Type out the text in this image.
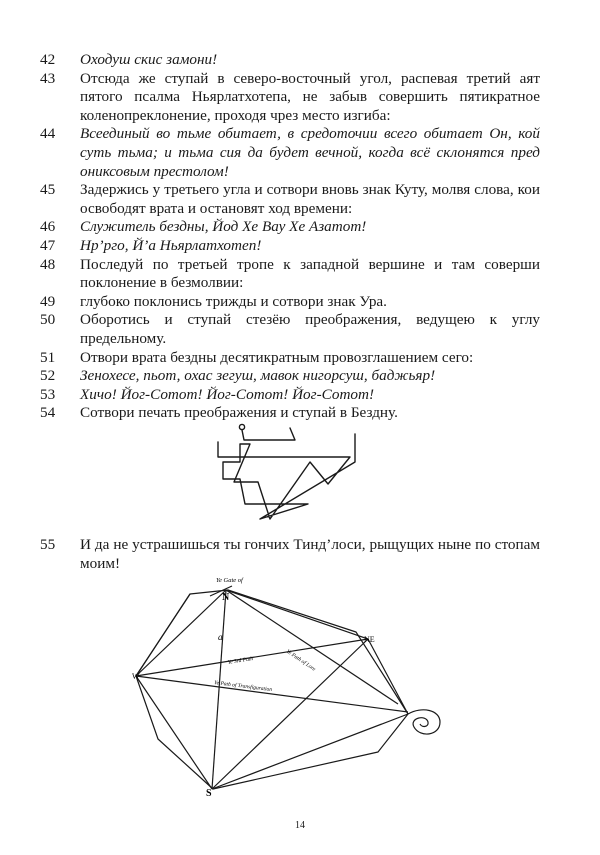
42	Оходуш скис замони!
43	Отсюда же ступай в северо-восточный угол, распевая третий аят пятого псалма Ньярлатхотепа, не забыв совершить пятикратное коленопреклонение, проходя чрез место изгиба:
44	Всеединый во тьме обитает, в средоточии всего обитает Он, кой суть тьма; и тьма сия да будет вечной, когда всё склонятся пред ониксовым престолом!
45	Задержись у третьего угла и сотвори вновь знак Куту, молвя слова, кои освободят врата и остановят ход времени:
46	Служитель бездны, Йод Хе Вау Хе Азатот!
47	Нр’рго, Й’а Ньярлатхотеп!
48	Последуй по третьей тропе к западной вершине и там соверши поклонение в безмолвии:
49	глубоко поклонись трижды и сотвори знак Ура.
50	Оборотись и ступай стезёю преображения, ведущею к углу предельному.
51	Отвори врата бездны десятикратным провозглашением сего:
52	Зенохесе, пьот, охас зегуш, мавок нигорсуш, баджьяр!
53	Хичо! Йог-Сотот! Йог-Сотот! Йог-Сотот!
54	Сотвори печать преображения и ступай в Бездну.
55	И да не устрашишься ты гончих Тинд’лоси, рыщущих ныне по стопам моим!
Ye Gate of
N
NE
W
S
a
Ye 3rd Path	Ye Path of Lore
Ye Path of Transfiguration
14
